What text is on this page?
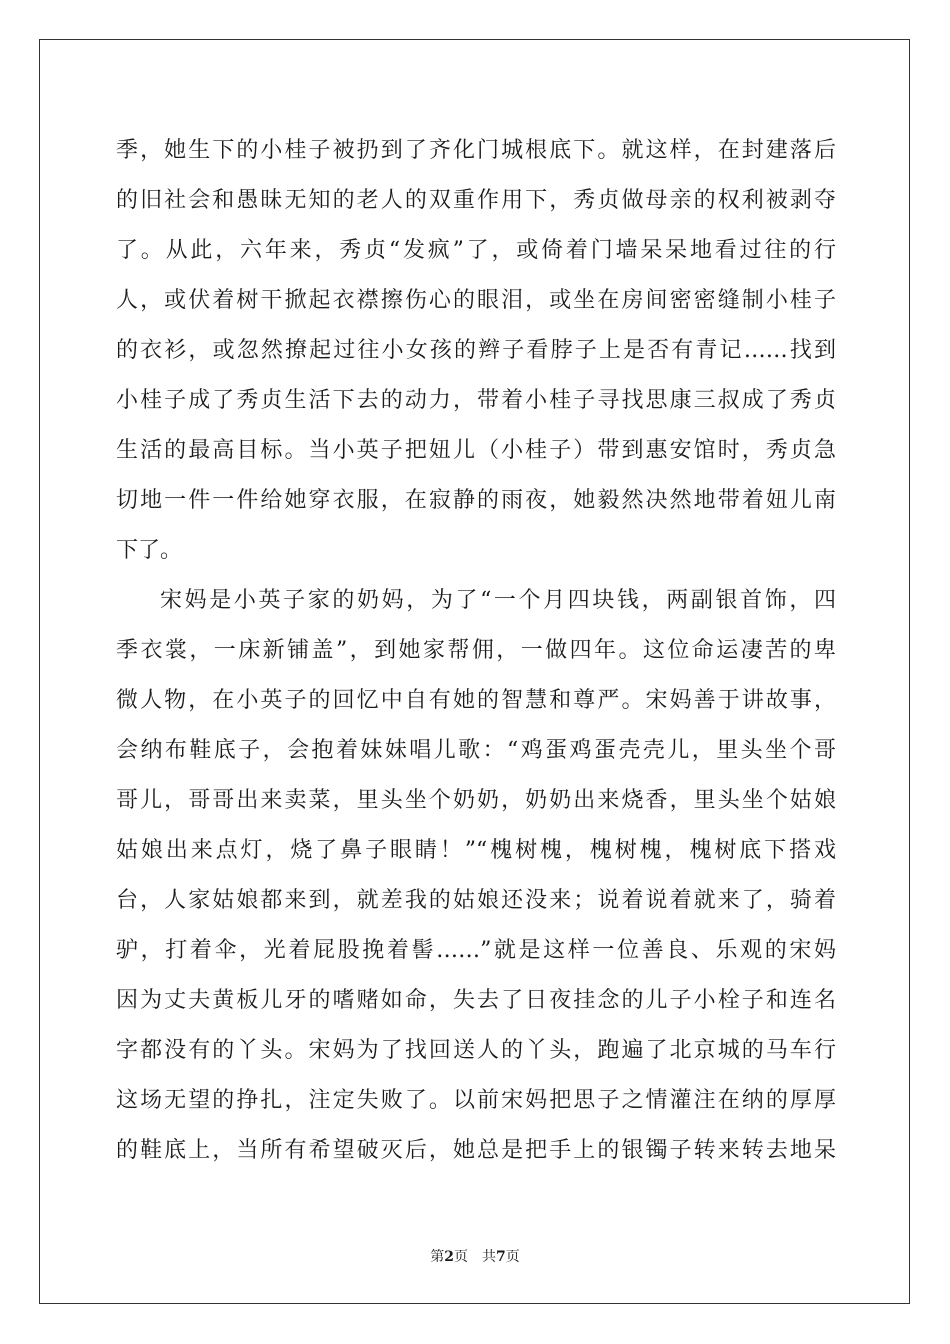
季，她生下的小桂子被扔到了齐化门城根底下。就这样，在封建落后
的旧社会和愚昧无知的老人的双重作用下，秀贞做母亲的权利被剥夺
了。从此，六年来，秀贞“发疯”了，或倚着门墙呆呆地看过往的行
人，或伏着树干掀起衣襟擦伤心的眼泪，或坐在房间密密缝制小桂子
的衣衫，或忽然撩起过往小女孩的辫子看脖子上是否有青记……找到
小桂子成了秀贞生活下去的动力，带着小桂子寻找思康三叔成了秀贞
生活的最高目标。当小英子把妞儿（小桂子）带到惠安馆时，秀贞急
切地一件一件给她穿衣服，在寂静的雨夜，她毅然决然地带着妞儿南
下了。
宋妈是小英子家的奶妈，为了“一个月四块钱，两副银首饰，四
季衣裳，一床新铺盖”，到她家帮佣，一做四年。这位命运凄苦的卑
微人物，在小英子的回忆中自有她的智慧和尊严。宋妈善于讲故事，
会纳布鞋底子，会抱着妹妹唱儿歌：“鸡蛋鸡蛋壳壳儿，里头坐个哥
哥儿，哥哥出来卖菜，里头坐个奶奶，奶奶出来烧香，里头坐个姑娘
姑娘出来点灯，烧了鼻子眼睛！”“槐树槐，槐树槐，槐树底下搭戏
台，人家姑娘都来到，就差我的姑娘还没来；说着说着就来了，骑着
驴，打着伞，光着屁股挽着髻……”就是这样一位善良、乐观的宋妈
因为丈夫黄板儿牙的嗜赌如命，失去了日夜挂念的儿子小栓子和连名
字都没有的丫头。宋妈为了找回送人的丫头，跑遍了北京城的马车行
这场无望的挣扎，注定失败了。以前宋妈把思子之情灌注在纳的厚厚
的鞋底上，当所有希望破灭后，她总是把手上的银镯子转来转去地呆
第2页 共7页
